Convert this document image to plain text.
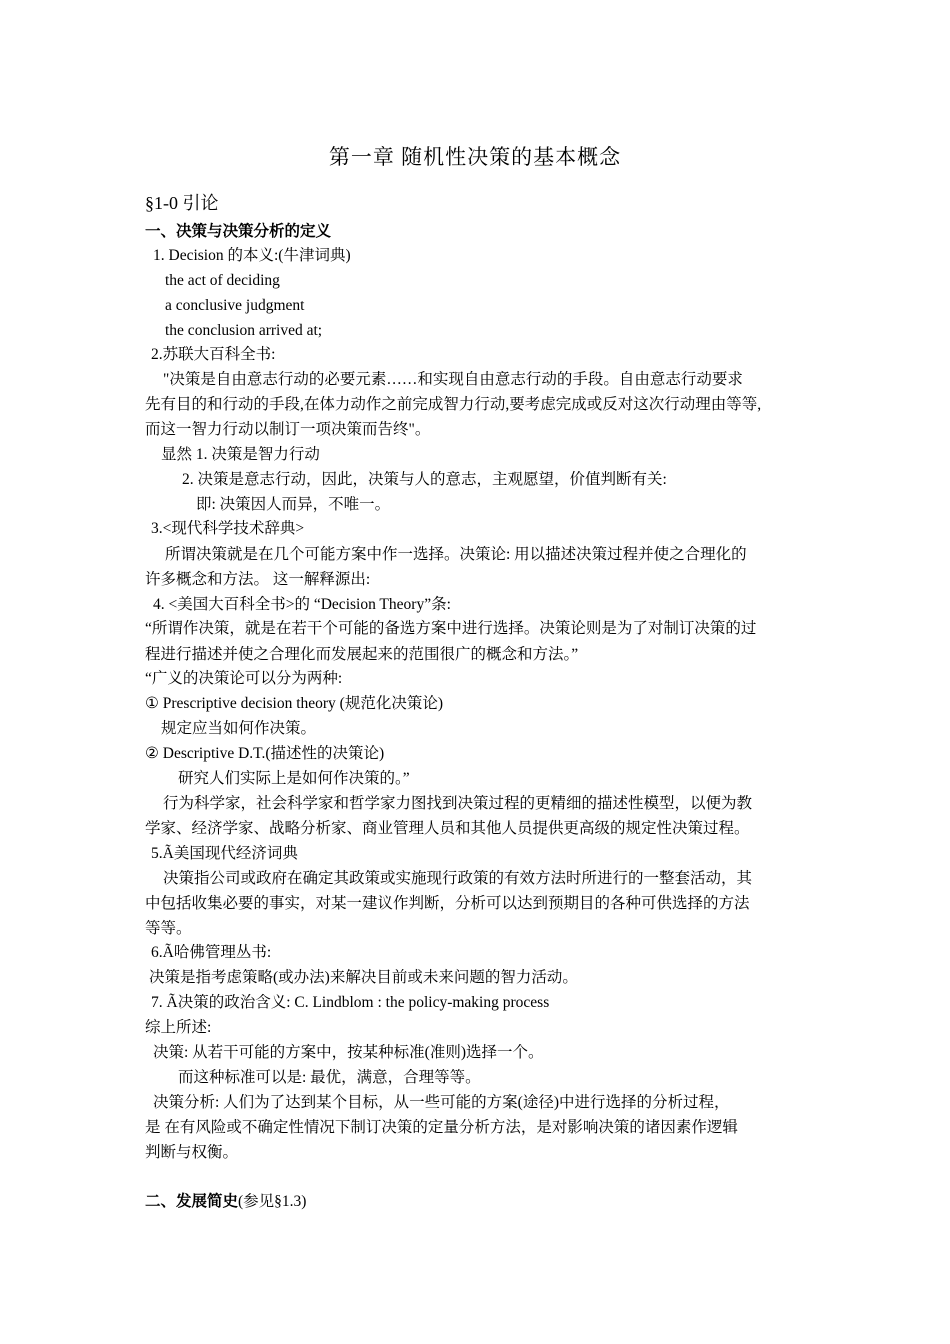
第一章 随机性决策的基本概念
§1-0 引论
一、决策与决策分析的定义
1. Decision 的本义:(牛津词典)
the act of deciding
a conclusive judgment
the conclusion arrived at;
2.苏联大百科全书:
"决策是自由意志行动的必要元素……和实现自由意志行动的手段。自由意志行动要求
先有目的和行动的手段,在体力动作之前完成智力行动,要考虑完成或反对这次行动理由等等,
而这一智力行动以制订一项决策而告终"。
显然 1. 决策是智力行动
2. 决策是意志行动，因此，决策与人的意志，主观愿望，价值判断有关:
即: 决策因人而异，不唯一。
3.<现代科学技术辞典>
所谓决策就是在几个可能方案中作一选择。决策论: 用以描述决策过程并使之合理化的
许多概念和方法。 这一解释源出:
4. <美国大百科全书>的 “Decision Theory”条:
“所谓作决策，就是在若干个可能的备选方案中进行选择。决策论则是为了对制订决策的过
程进行描述并使之合理化而发展起来的范围很广的概念和方法。”
“广义的决策论可以分为两种:
① Prescriptive decision theory (规范化决策论)
规定应当如何作决策。
② Descriptive D.T.(描述性的决策论)
研究人们实际上是如何作决策的。”
行为科学家，社会科学家和哲学家力图找到决策过程的更精细的描述性模型，以便为教
学家、经济学家、战略分析家、商业管理人员和其他人员提供更高级的规定性决策过程。
5.Ã美国现代经济词典
决策指公司或政府在确定其政策或实施现行政策的有效方法时所进行的一整套活动，其
中包括收集必要的事实，对某一建议作判断，分析可以达到预期目的各种可供选择的方法
等等。
6.Ã哈佛管理丛书:
决策是指考虑策略(或办法)来解决目前或未来问题的智力活动。
7. Ã决策的政治含义: C. Lindblom : the policy-making process
综上所述:
决策: 从若干可能的方案中，按某种标准(准则)选择一个。
而这种标准可以是: 最优，满意，合理等等。
决策分析: 人们为了达到某个目标，从一些可能的方案(途径)中进行选择的分析过程，
是 在有风险或不确定性情况下制订决策的定量分析方法，是对影响决策的诸因素作逻辑
判断与权衡。
二、发展简史(参见§1.3)
